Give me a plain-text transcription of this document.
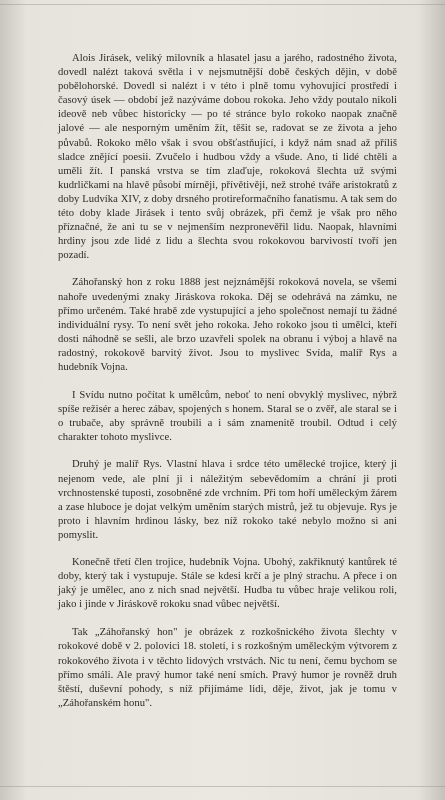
Alois Jirásek, veliký milovník a hlasatel jasu a jarého, radostného života, dovedl nalézt taková světla i v nejsmutnější době českých dějin, v době pobělohorské. Dovedl si nalézt i v této i plně tomu vyhovující prostředí i časový úsek — období jež nazýváme dobou rokoka. Jeho vždy poutalo nikoli ideově neb vůbec historicky — po té stránce bylo rokoko naopak značně jalové — ale nesporným uměním žít, těšit se, radovat se ze života a jeho půvabů. Rokoko mělo však i svou obšťastňující, i když nám snad až příliš sladce znějící poesii. Zvučelo i hudbou vždy a všude. Ano, ti lidé chtěli a uměli žít. I panská vrstva se tím zlaďuje, rokoková šlechta už svými kudrličkami na hlavě působí mírněji, přívětivěji, než strohé tváře aristokratů z doby Ludvíka XIV, z doby drsného protireformačního fanatismu. A tak sem do této doby klade Jirásek i tento svůj obrázek, při čemž je však pro něho příznačné, že ani tu se v nejmenším nezpronevěřil lidu. Naopak, hlavními hrdiny jsou zde lidé z lidu a šlechta svou rokokovou barvivostí tvoří jen pozadí.

Záhořanský hon z roku 1888 jest nejznámější rokoková novela, se všemi nahoře uvedenými znaky Jiráskova rokoka. Děj se odehrává na zámku, ne přímo určeném. Také hrabě zde vystupující a jeho společnost nemají tu žádné individuální rysy. To není svět jeho rokoka. Jeho rokoko jsou ti umělci, kteří dosti náhodně se sešli, ale brzo uzavřeli spolek na obranu i výboj a hlavě na radostný, rokokově barvitý život. Jsou to myslivec Svída, malíř Rys a hudebník Vojna.

I Svídu nutno počítat k umělcům, neboť to není obvyklý myslivec, nýbrž spíše režisér a herec zábav, spojených s honem. Staral se o zvěř, ale staral se i o trubače, aby správně troubili a i sám znamenitě troubil. Odtud i celý charakter tohoto myslivce.

Druhý je malíř Rys. Vlastní hlava i srdce této umělecké trojice, který ji nejenom vede, ale plní ji i náležitým sebevědomím a chrání ji proti vrchnostenské tuposti, zosobněné zde vrchním. Při tom hoří uměleckým žárem a zase hluboce je dojat velkým uměním starých mistrů, jež tu objevuje. Rys je proto i hlavním hrdinou lásky, bez níž rokoko také nebylo možno si ani pomyslit.

Konečně třetí člen trojice, hudebník Vojna. Ubohý, zakřiknutý kantůrek té doby, který tak i vystupuje. Stále se kdesi krčí a je plný strachu. A přece i on jaký je umělec, ano z nich snad největší. Hudba tu vůbec hraje velikou roli, jako i jinde v Jiráskově rokoku snad vůbec největší.

Tak „Záhořanský hon" je obrázek z rozkošnického života šlechty v rokokové době v 2. polovici 18. století, i s rozkošným uměleckým výtvorem z rokokového života i v těchto lidových vrstvách. Nic tu není, čemu bychom se přímo smáli. Ale pravý humor také není smích. Pravý humor je rovněž druh štěstí, duševní pohody, s níž přijímáme lidi, děje, život, jak je tomu v „Záhořanském honu".
